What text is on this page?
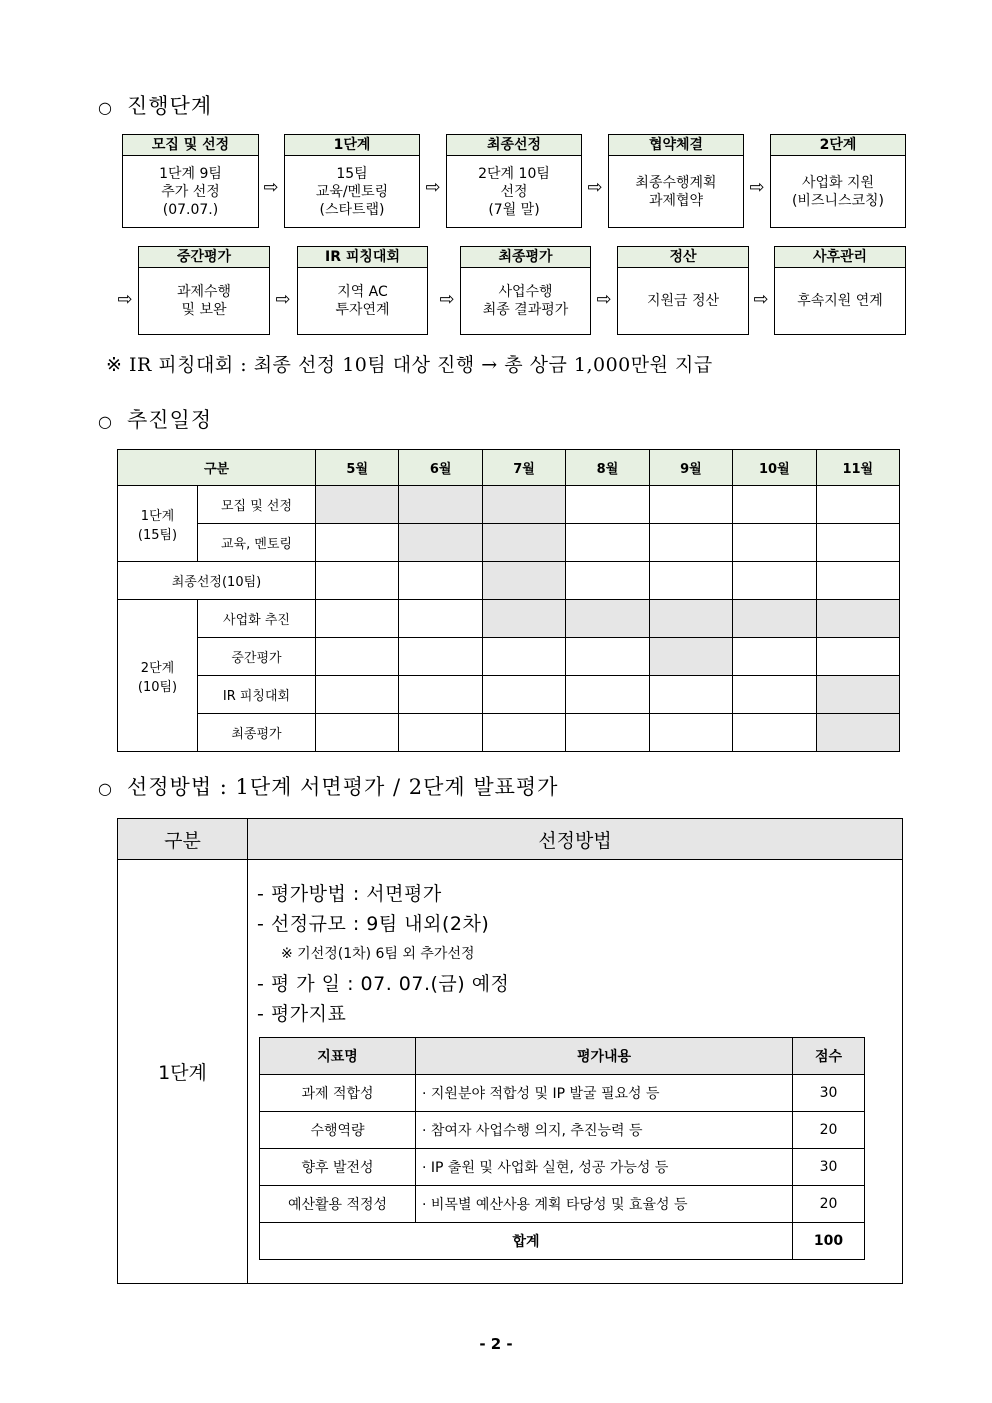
○ 진행단계
모집 및 선정
1단계 9팀
추가 선정
(07.07.)
1단계
15팀
교육/멘토링
(스타트랩)
최종선정
2단계 10팀
선정
(7월 말)
협약체결
최종수행계획
과제협약
2단계
사업화 지원
(비즈니스코칭)
⇨	⇨	⇨	⇨
중간평가
과제수행
및 보완
IR 피칭대회
지역 AC
투자연계
최종평가
사업수행
최종 결과평가
정산
지원금 정산
사후관리
후속지원 연계
⇨	⇨	⇨	⇨	⇨
※ IR 피칭대회 : 최종 선정 10팀 대상 진행 → 총 상금 1,000만원 지급
○ 추진일정
구분		5월	6월	7월	8월	9월	10월	11월
1단계
(15팀)	모집 및 선정							
	교육, 멘토링							
최종선정(10팀)								
2단계
(10팀)	사업화 추진							
	중간평가							
	IR 피칭대회							
	최종평가							
○ 선정방법 : 1단계 서면평가 / 2단계 발표평가
구분	선정방법
1단계	
- 평가방법 : 서면평가
- 선정규모 : 9팀 내외(2차)
※ 기선정(1차) 6팀 외 추가선정
- 평 가 일 : 07. 07.(금) 예정
- 평가지표
지표명	평가내용	점수
과제 적합성	· 지원분야 적합성 및 IP 발굴 필요성 등	30
수행역량	· 참여자 사업수행 의지, 추진능력 등	20
향후 발전성	· IP 출원 및 사업화 실현, 성공 가능성 등	30
예산활용 적정성	· 비목별 예산사용 계획 타당성 및 효율성 등	20
합계	100
- 2 -
